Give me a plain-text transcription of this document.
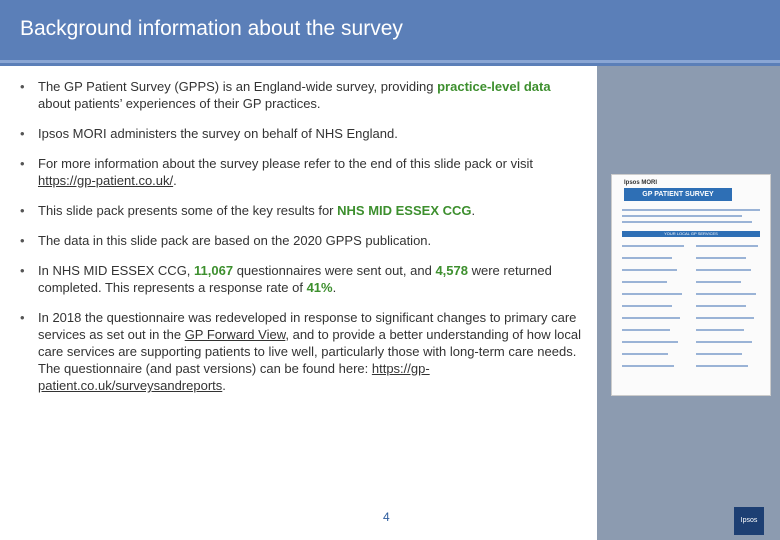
Background information about the survey
• The GP Patient Survey (GPPS) is an England-wide survey, providing practice-level data about patients’ experiences of their GP practices.
• Ipsos MORI administers the survey on behalf of NHS England.
• For more information about the survey please refer to the end of this slide pack or visit https://gp-patient.co.uk/.
• This slide pack presents some of the key results for NHS MID ESSEX CCG.
• The data in this slide pack are based on the 2020 GPPS publication.
• In NHS MID ESSEX CCG, 11,067 questionnaires were sent out, and 4,578 were returned completed. This represents a response rate of 41%.
• In 2018 the questionnaire was redeveloped in response to significant changes to primary care services as set out in the GP Forward View, and to provide a better understanding of how local care services are supporting patients to live well, particularly those with long-term care needs. The questionnaire (and past versions) can be found here: https://gp-patient.co.uk/surveysandreports.
Ipsos MORI
GP PATIENT SURVEY
YOUR LOCAL GP SERVICES
4
Ipsos MORI
Social Research Institute
© Ipsos MORI 19-071909-01 | Version 1 | Public
Ipsos
